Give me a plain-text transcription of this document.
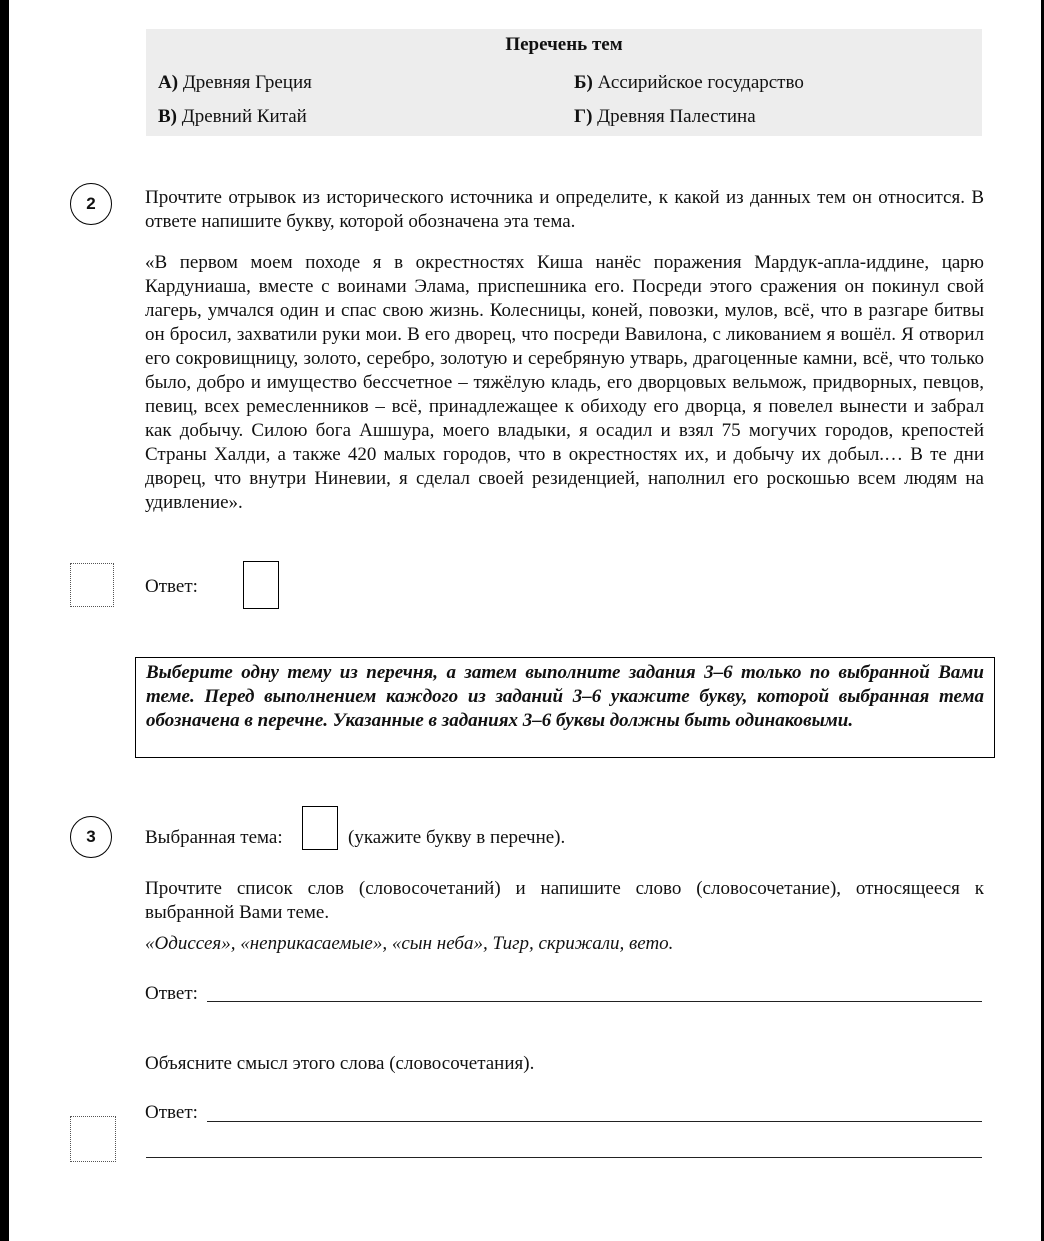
Перечень тем
А) Древняя Греция	Б) Ассирийское государство
В) Древний Китай	Г) Древняя Палестина
2	Прочтите отрывок из исторического источника и определите, к какой из данных тем он относится. В ответе напишите букву, которой обозначена эта тема.
«В первом моем походе я в окрестностях Киша нанёс поражения Мардук-апла-иддине, царю Кардуниаша, вместе с воинами Элама, приспешника его. Посреди этого сражения он покинул свой лагерь, умчался один и спас свою жизнь. Колесницы, коней, повозки, мулов, всё, что в разгаре битвы он бросил, захватили руки мои. В его дворец, что посреди Вавилона, с ликованием я вошёл. Я отворил его сокровищницу, золото, серебро, золотую и серебряную утварь, драгоценные камни, всё, что только было, добро и имущество бессчетное – тяжёлую кладь, его дворцовых вельмож, придворных, певцов, певиц, всех ремесленников – всё, принадлежащее к обиходу его дворца, я повелел вынести и забрал как добычу. Силою бога Ашшура, моего владыки, я осадил и взял 75 могучих городов, крепостей Страны Халди, а также 420 малых городов, что в окрестностях их, и добычу их добыл.… В те дни дворец, что внутри Ниневии, я сделал своей резиденцией, наполнил его роскошью всем людям на удивление».
Ответ:
Выберите одну тему из перечня, а затем выполните задания 3–6 только по выбранной Вами теме. Перед выполнением каждого из заданий 3–6 укажите букву, которой выбранная тема обозначена в перечне. Указанные в заданиях 3–6 буквы должны быть одинаковыми.
3	Выбранная тема:	(укажите букву в перечне).
Прочтите список слов (словосочетаний) и напишите слово (словосочетание), относящееся к выбранной Вами теме.
«Одиссея», «неприкасаемые», «сын неба», Тигр, скрижали, вето.
Ответ:
Объясните смысл этого слова (словосочетания).
Ответ:
